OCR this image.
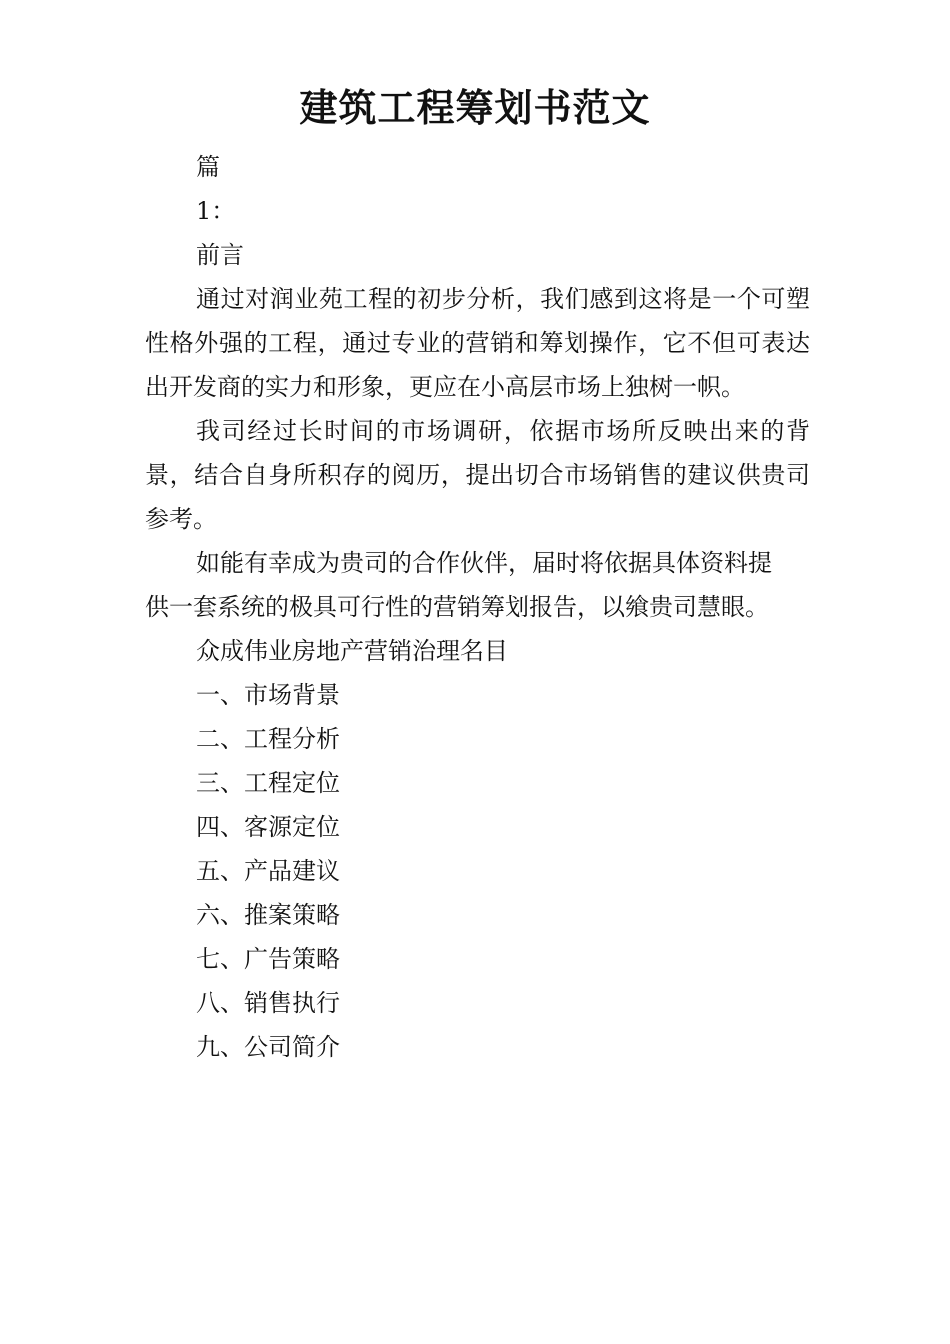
建筑工程筹划书范文
篇
1：
前言

通过对润业苑工程的初步分析，我们感到这将是一个可塑性格外强的工程，通过专业的营销和筹划操作，它不但可表达出开发商的实力和形象，更应在小高层市场上独树一帜。

我司经过长时间的市场调研，依据市场所反映出来的背景，结合自身所积存的阅历，提出切合市场销售的建议供贵司参考。

如能有幸成为贵司的合作伙伴，届时将依据具体资料提
供一套系统的极具可行性的营销筹划报告，以飨贵司慧眼。
众成伟业房地产营销治理名目
一、市场背景
二、工程分析
三、工程定位
四、客源定位
五、产品建议
六、推案策略
七、广告策略
八、销售执行
九、公司简介
